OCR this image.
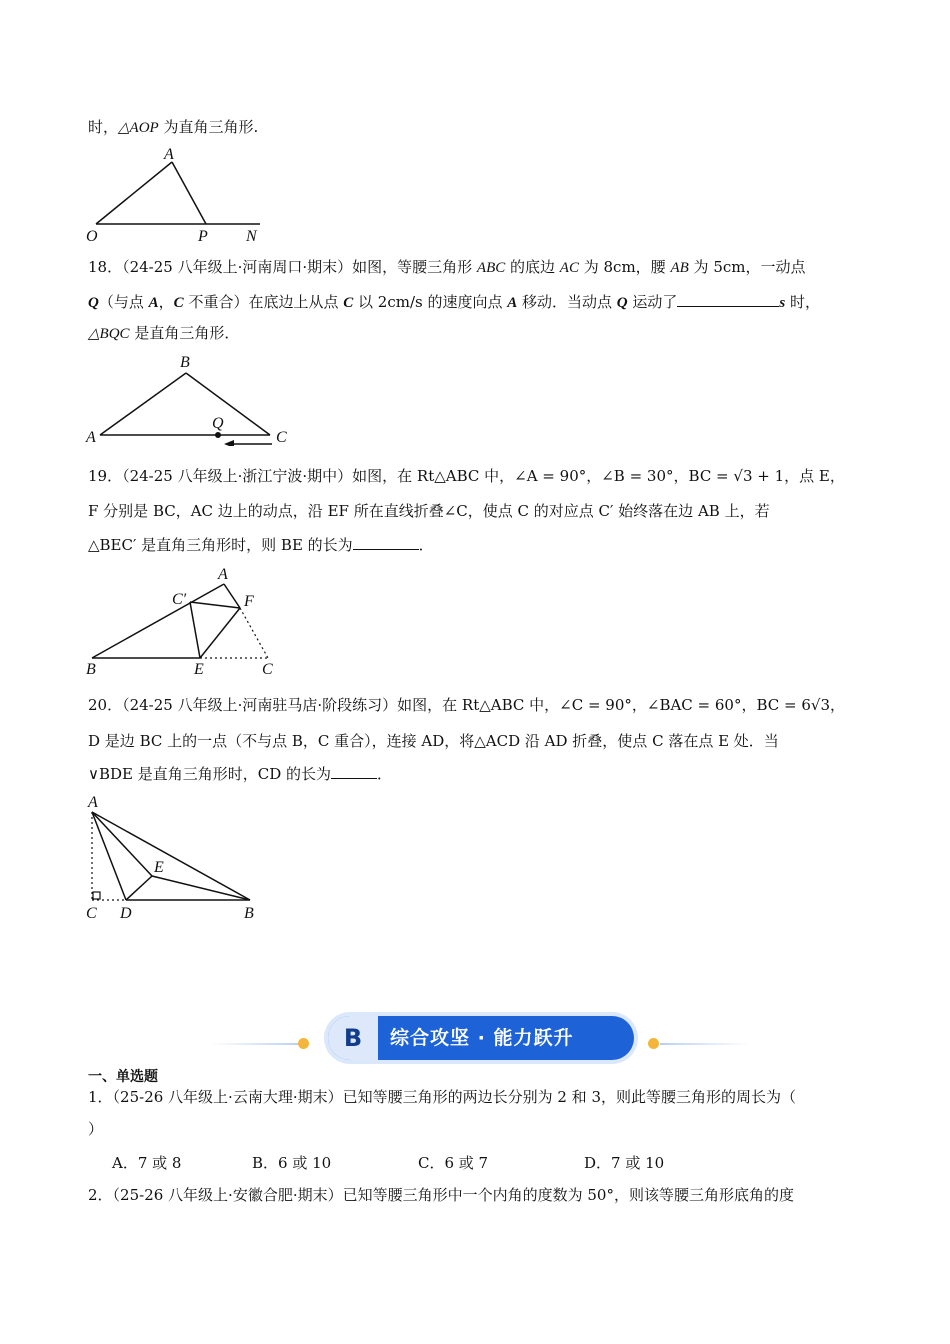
时，△AOP 为直角三角形.
A
O	P N
18．（24-25 八年级上·河南周口·期末）如图，等腰三角形 ABC 的底边 AC 为 8cm，腰 AB 为 5cm，一动点
Q（与点 A，C 不重合）在底边上从点 C 以 2cm/s 的速度向点 A 移动．当动点 Q 运动了	s 时，
△BQC 是直角三角形．
B
A	C
Q
19．（24-25 八年级上·浙江宁波·期中）如图，在 Rt△ABC 中，∠A = 90°，∠B = 30°，BC = √3 + 1，点 E，
F 分别是 BC，AC 边上的动点，沿 EF 所在直线折叠∠C，使点 C 的对应点 C′ 始终落在边 AB 上，若
△BEC′ 是直角三角形时，则 BE 的长为	．
A
B	C
C′
E
F
20．（24-25 八年级上·河南驻马店·阶段练习）如图，在 Rt△ABC 中，∠C = 90°，∠BAC = 60°，BC = 6√3，
D 是边 BC 上的一点（不与点 B，C 重合），连接 AD，将△ACD 沿 AD 折叠，使点 C 落在点 E 处．当
∨BDE 是直角三角形时，CD 的长为	．
A
C D
E
B
B	综合攻坚 · 能力跃升
一、单选题
1．（25-26 八年级上·云南大理·期末）已知等腰三角形的两边长分别为 2 和 3，则此等腰三角形的周长为（
）
A．7 或 8	B．6 或 10	C．6 或 7	D．7 或 10
2．（25-26 八年级上·安徽合肥·期末）已知等腰三角形中一个内角的度数为 50°，则该等腰三角形底角的度
